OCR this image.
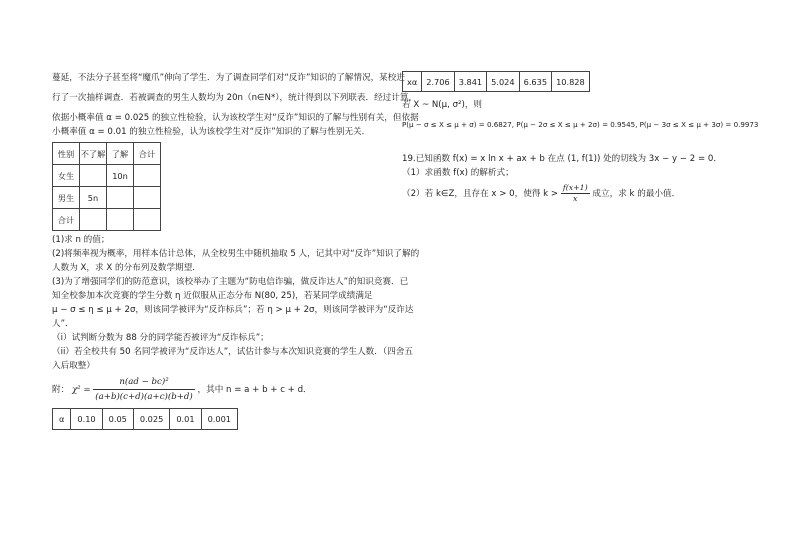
蔓延，不法分子甚至将“魔爪”伸向了学生．为了调查同学们对“反诈”知识的了解情况，某校进

行了一次抽样调查．若被调查的男生人数均为 20n（n∈N*），统计得到以下列联表．经过计算，

依据小概率值 α = 0.025 的独立性检验，认为该校学生对“反诈”知识的了解与性别有关，但依据

小概率值 α = 0.01 的独立性检验，认为该校学生对“反诈”知识的了解与性别无关．

性别	不了解	了解	合计
女生		10n	
男生	5n		
合计			

(1)求 n 的值；

(2)将频率视为概率，用样本估计总体，从全校男生中随机抽取 5 人，记其中对“反诈”知识了解的

人数为 X，求 X 的分布列及数学期望．

(3)为了增强同学们的防范意识，该校举办了主题为“防电信诈骗，做反诈达人”的知识竞赛．已

知全校参加本次竞赛的学生分数 η 近似服从正态分布 N(80, 25)，若某同学成绩满足

μ − σ ≤ η ≤ μ + 2σ，则该同学被评为“反诈标兵”；若 η > μ + 2σ，则该同学被评为“反诈达

人”．

（i）试判断分数为 88 分的同学能否被评为“反诈标兵”；

（ii）若全校共有 50 名同学被评为“反诈达人”，试估计参与本次知识竞赛的学生人数．（四舍五

入后取整）

附： $\chi^2 = \frac{\text{n(ad − bc)²}}{(a+b)(c+d)(a+c)(b+d)}$ ，其中 n = a + b + c + d．
α	0.10	0.05	0.025	0.01	0.001
xα	2.706	3.841	5.024	6.635	10.828

若 X ~ N(μ, σ²)，则

P(μ − σ ≤ X ≤ μ + σ) = 0.6827, P(μ − 2σ ≤ X ≤ μ + 2σ) = 0.9545, P(μ − 3σ ≤ X ≤ μ + 3σ) = 0.9973

19.已知函数 f(x) = x ln x + ax + b 在点 (1, f(1)) 处的切线为 3x − y − 2 = 0．

（1）求函数 f(x) 的解析式；

（2）若 k∈Z，且存在 x > 0，使得 $k > \frac{f(x+1)}{x}$ 成立，求 k 的最小值．
